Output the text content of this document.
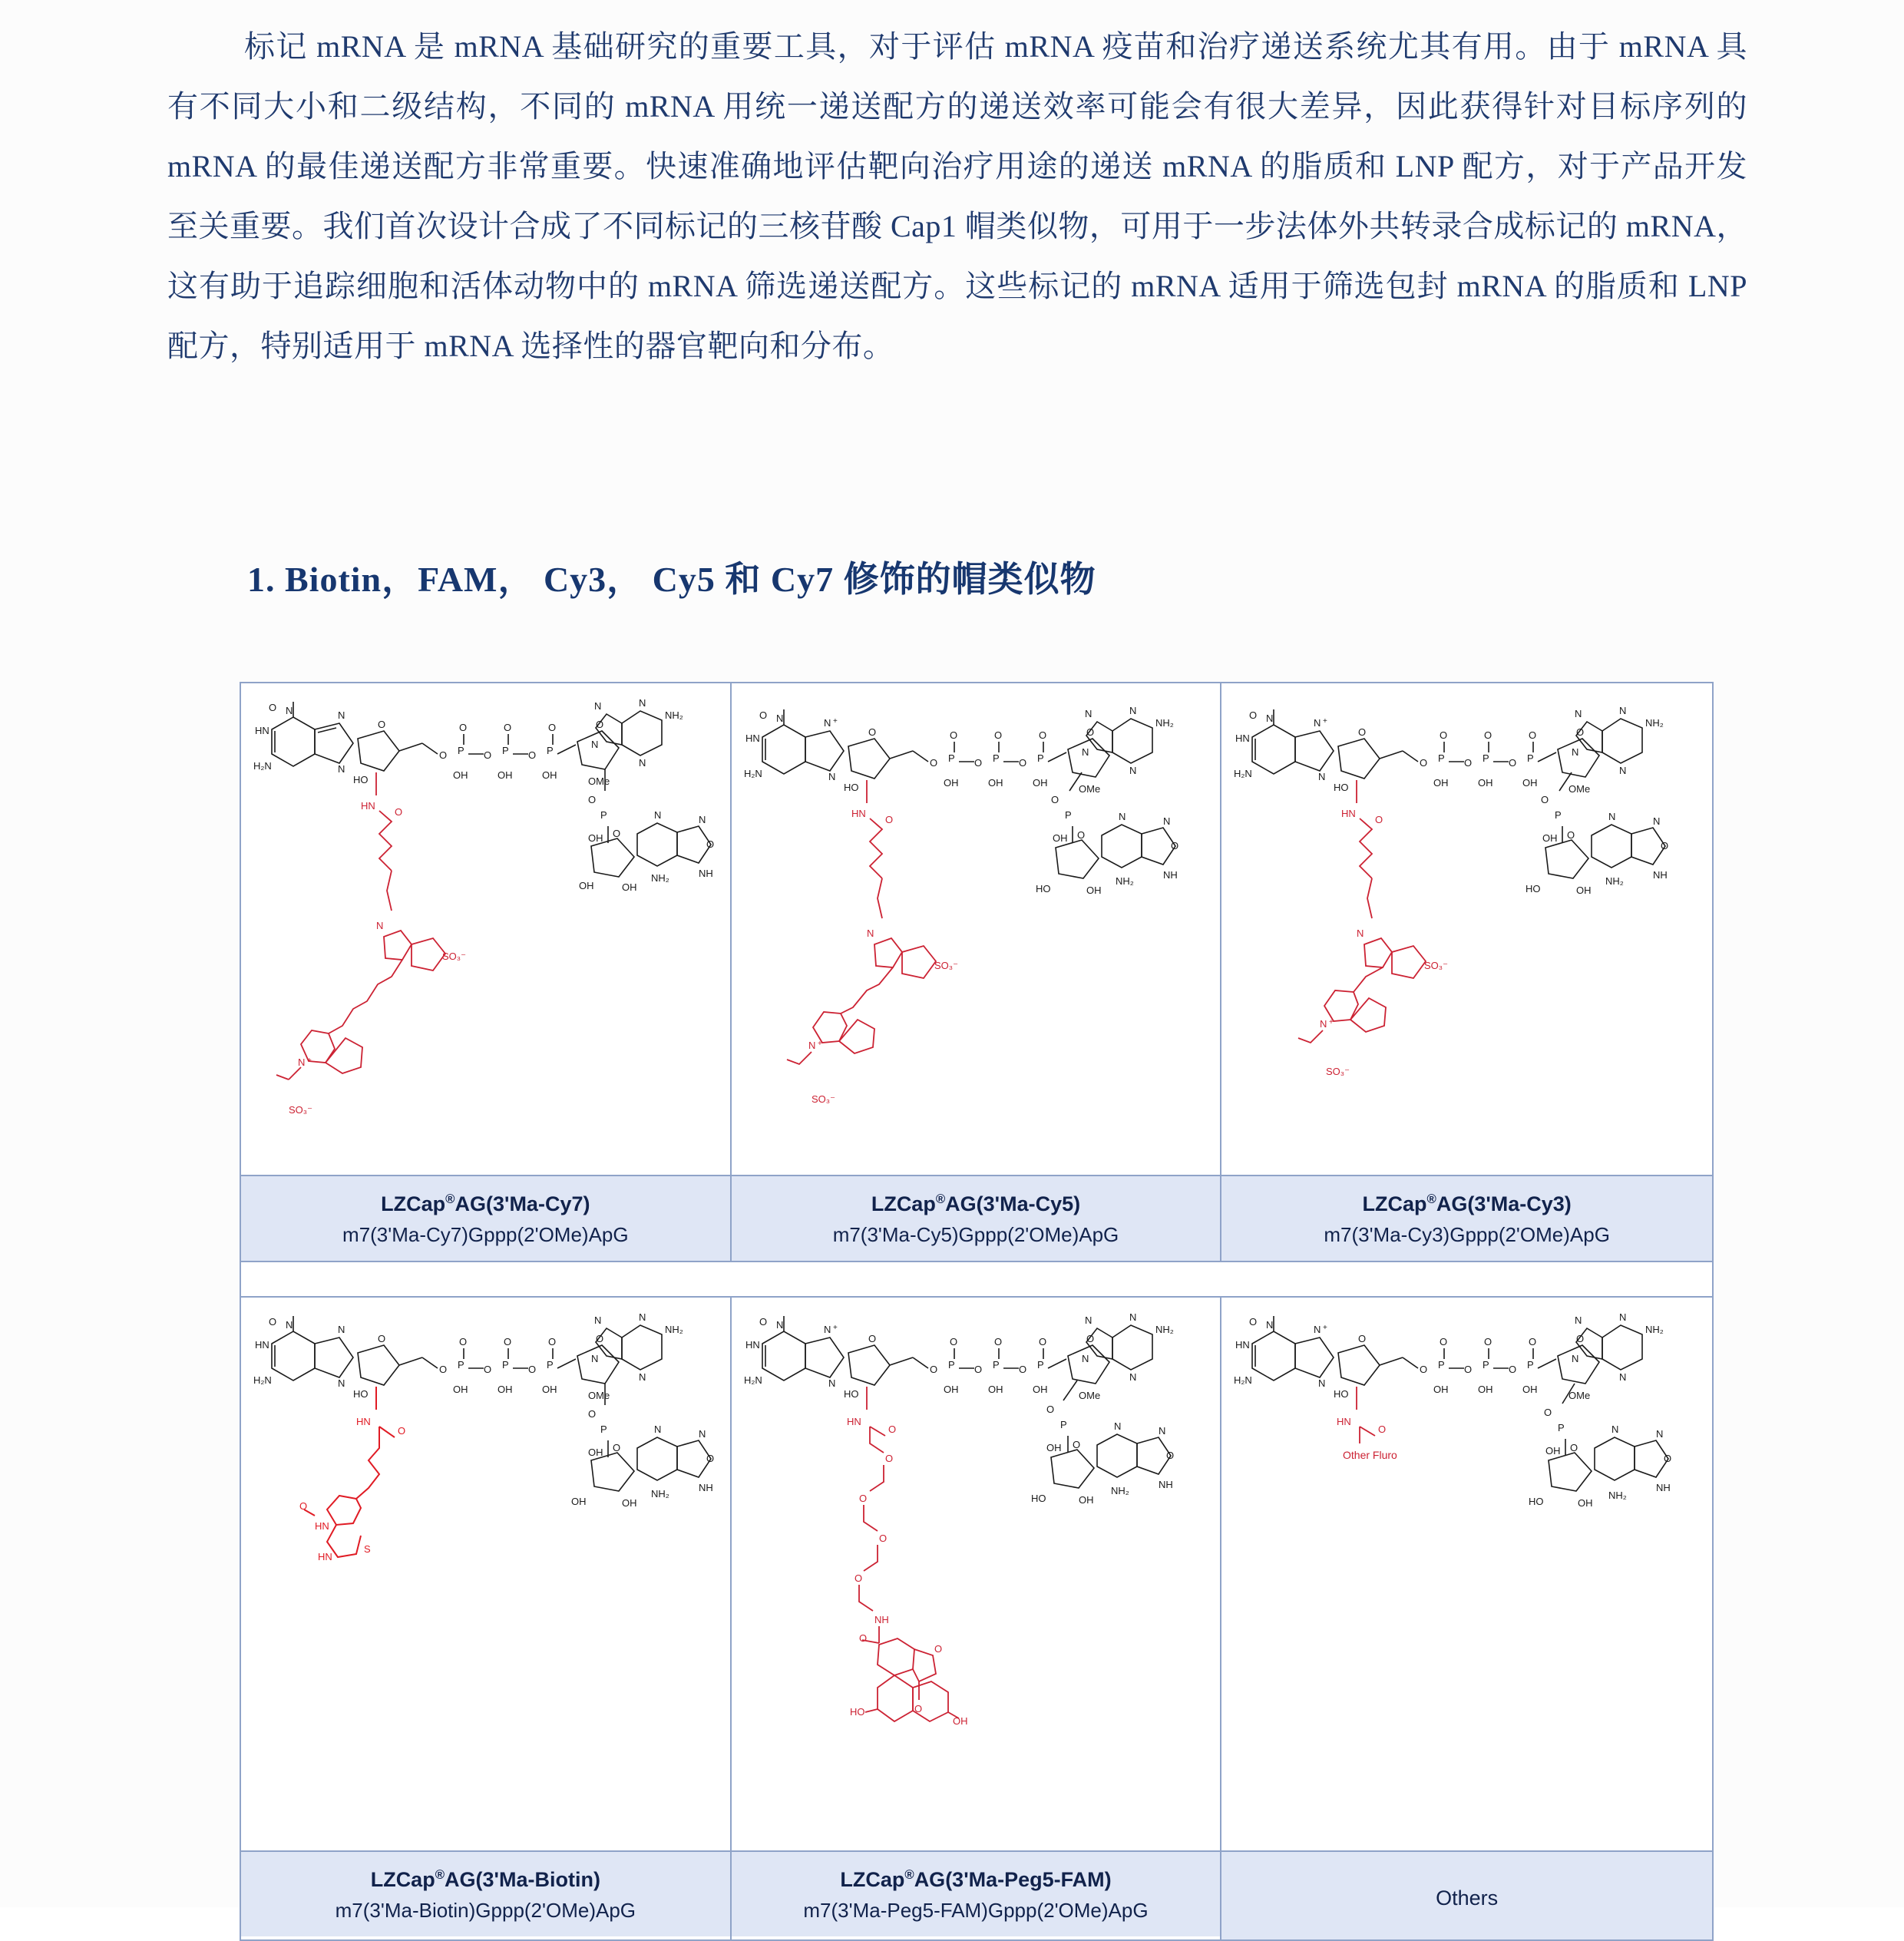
标记 mRNA 是 mRNA 基础研究的重要工具，对于评估 mRNA 疫苗和治疗递送系统尤其有用。由于 mRNA 具有不同大小和二级结构，不同的 mRNA 用统一递送配方的递送效率可能会有很大差异，因此获得针对目标序列的 mRNA 的最佳递送配方非常重要。快速准确地评估靶向治疗用途的递送 mRNA 的脂质和 LNP 配方，对于产品开发至关重要。我们首次设计合成了不同标记的三核苷酸 Cap1 帽类似物，可用于一步法体外共转录合成标记的 mRNA，这有助于追踪细胞和活体动物中的 mRNA 筛选递送配方。这些标记的 mRNA 适用于筛选包封 mRNA 的脂质和 LNP 配方，特别适用于 mRNA 选择性的器官靶向和分布。
1. Biotin，FAM， Cy3， Cy5 和 Cy7 修饰的帽类似物
HN
O
H₂N
N
N
N
O
HO
O P
O
OH
O P
O
OH
O P
O
OH
O
OMe
NH₂
N
N
N
N
O
P
OH O
OH	OH
N	N
O
NH
NH₂
HN
O
N
N +
SO₃⁻
SO₃⁻
LZCap®AG(3'Ma-Cy7)
m7(3'Ma-Cy7)Gppp(2'OMe)ApG
HN
O
H₂N
N +
N
N
O
HO
O P
O
OH
O P
O
OH
O P
O
OH
O
OMe
NH₂
N
N
N
N
O
P
OH O
HO	OH
N	N
O
NH
NH₂
HN
O
N
N +
SO₃⁻
SO₃⁻
LZCap®AG(3'Ma-Cy5)
m7(3'Ma-Cy5)Gppp(2'OMe)ApG
HN
O
H₂N
N +
N
N
O
HO
O P
O
OH
O P
O
OH
O P
O
OH
O
OMe
NH₂
N
N
N
N
O
P
OH O
HO	OH
N	N
O
NH
NH₂
HN
O
N
N +
SO₃⁻
SO₃⁻
LZCap®AG(3'Ma-Cy3)
m7(3'Ma-Cy3)Gppp(2'OMe)ApG
HN
O
H₂N
N
N
N
O
HO
O P
O
OH
O P
O
OH
O P
O
OH
O
OMe
NH₂
N
N
N
N
O
P
OH O
OH	OH
N	N
O
NH
NH₂
HN
O
HN
HN
O
S
LZCap®AG(3'Ma-Biotin)
m7(3'Ma-Biotin)Gppp(2'OMe)ApG
HN
O
H₂N
N +
N
N
O
HO
O P
O
OH
O P
O
OH
O P
O
OH
O
OMe
NH₂
N
N
N
N
O
P
OH O
HO	OH
N	N
O
NH
NH₂
HN
O
O
O
O
O
NH
O
O
O
HO
OH
LZCap®AG(3'Ma-Peg5-FAM)
m7(3'Ma-Peg5-FAM)Gppp(2'OMe)ApG
HN
O
H₂N
N +
N
N
O
HO
O P
O
OH
O P
O
OH
O P
O
OH
O
OMe
NH₂
N
N
N
N
O
P
OH O
HO	OH
N	N
O
NH
NH₂
HN
O
Other Fluro
Others
